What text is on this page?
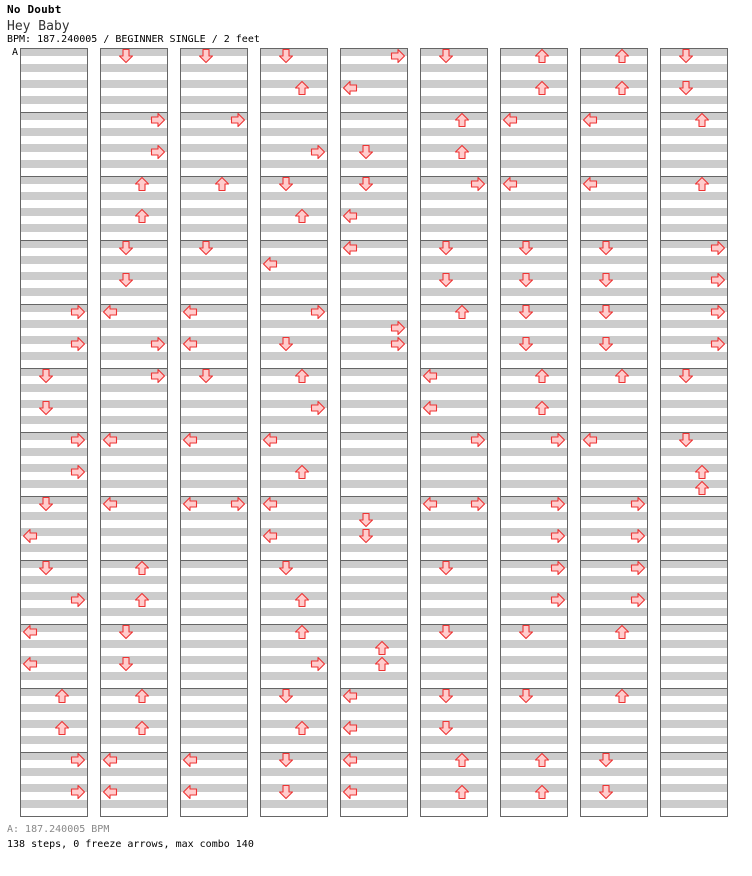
No Doubt
Hey Baby
BPM: 187.240005 / BEGINNER SINGLE / 2 feet
A
A: 187.240005 BPM
138 steps, 0 freeze arrows, max combo 140
